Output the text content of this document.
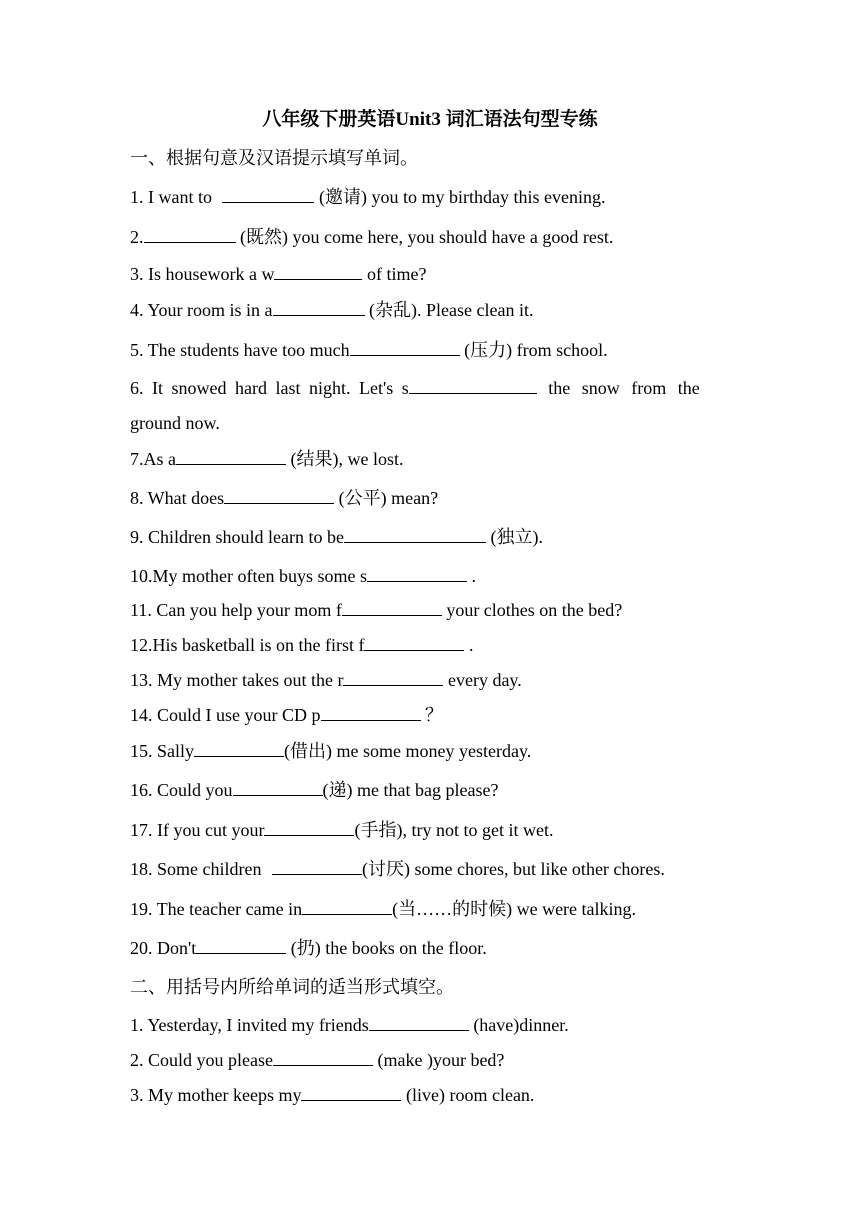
八年级下册英语Unit3 词汇语法句型专练
一、根据句意及汉语提示填写单词。
1. I want to	(邀请) you to my birthday this evening.
2.	(既然) you come here, you should have a good rest.
3. Is housework a w	of time?
4. Your room is in a	(杂乱). Please clean it.
5. The students have too much	(压力) from school.
6. It snowed hard last night. Let's s	the snow from the
ground now.
7.As a	(结果), we lost.
8. What does	(公平) mean?
9. Children should learn to be	(独立).
10.My mother often buys some s	.
11. Can you help your mom f	your clothes on the bed?
12.His basketball is on the first f	.
13. My mother takes out the r	every day.
14. Could I use your CD p	？
15. Sally	(借出) me some money yesterday.
16. Could you	(递) me that bag please?
17. If you cut your	(手指), try not to get it wet.
18. Some children	(讨厌) some chores, but like other chores.
19. The teacher came in	(当……的时候) we were talking.
20. Don't	(扔) the books on the floor.
二、用括号内所给单词的适当形式填空。
1. Yesterday, I invited my friends	(have)dinner.
2. Could you please	(make )your bed?
3. My mother keeps my	(live) room clean.
